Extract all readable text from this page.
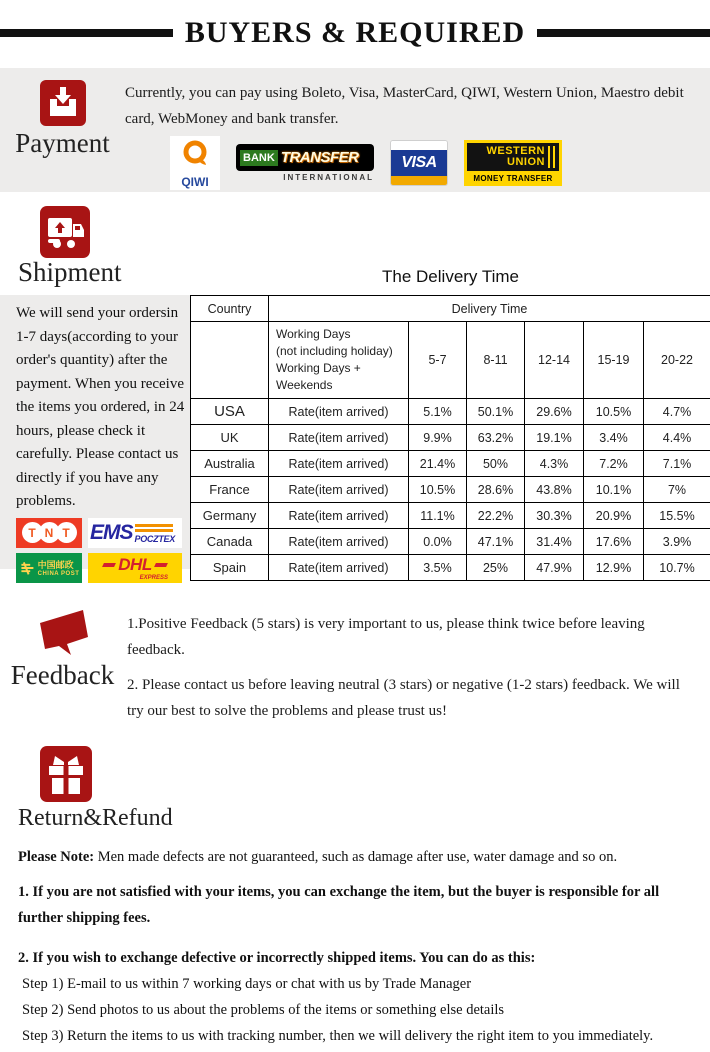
BUYERS & REQUIRED
Payment

Currently, you can pay using Boleto, Visa, MasterCard, QIWI, Western Union, Maestro debit card, WebMoney and bank transfer.

QIWI
BANK TRANSFER
INTERNATIONAL
VISA
WESTERN
UNION
MONEY TRANSFER
Shipment
We will send your ordersin 1-7 days(according to your order's quantity) after the payment. When you receive the items you ordered, in 24 hours, please check it carefully. Please contact us directly if you have any problems.
T N T EMS POCZTEX
中国邮政
CHINA POST
DHL
EXPRESS
The Delivery Time
Country	Delivery Time					

	Working Days
(not including holiday)
Working Days + Weekends	5-7	8-11	12-14	15-19	20-22
USA	Rate(item arrived)	5.1%	50.1%	29.6%	10.5%	4.7%
UK	Rate(item arrived)	9.9%	63.2%	19.1%	3.4%	4.4%
Australia	Rate(item arrived)	21.4%	50%	4.3%	7.2%	7.1%
France	Rate(item arrived)	10.5%	28.6%	43.8%	10.1%	7%
Germany	Rate(item arrived)	11.1%	22.2%	30.3%	20.9%	15.5%
Canada	Rate(item arrived)	0.0%	47.1%	31.4%	17.6%	3.9%
Spain	Rate(item arrived)	3.5%	25%	47.9%	12.9%	10.7%
Feedback

1.Positive Feedback (5 stars) is very important to us, please think twice before leaving feedback.

2. Please contact us before leaving neutral (3 stars) or negative (1-2 stars) feedback. We will try our best to solve the problems and please trust us!

Return&Refund

Please Note: Men made defects are not guaranteed, such as damage after use, water damage and so on.

1. If you are not satisfied with your items, you can exchange the item, but the buyer is responsible for all further shipping fees.

2. If you wish to exchange defective or incorrectly shipped items. You can do as this:

Step 1) E-mail to us within 7 working days or chat with us by Trade Manager

Step 2) Send photos to us about the problems of the items or something else details

Step 3) Return the items to us with tracking number, then we will delivery the right item to you immediately.
